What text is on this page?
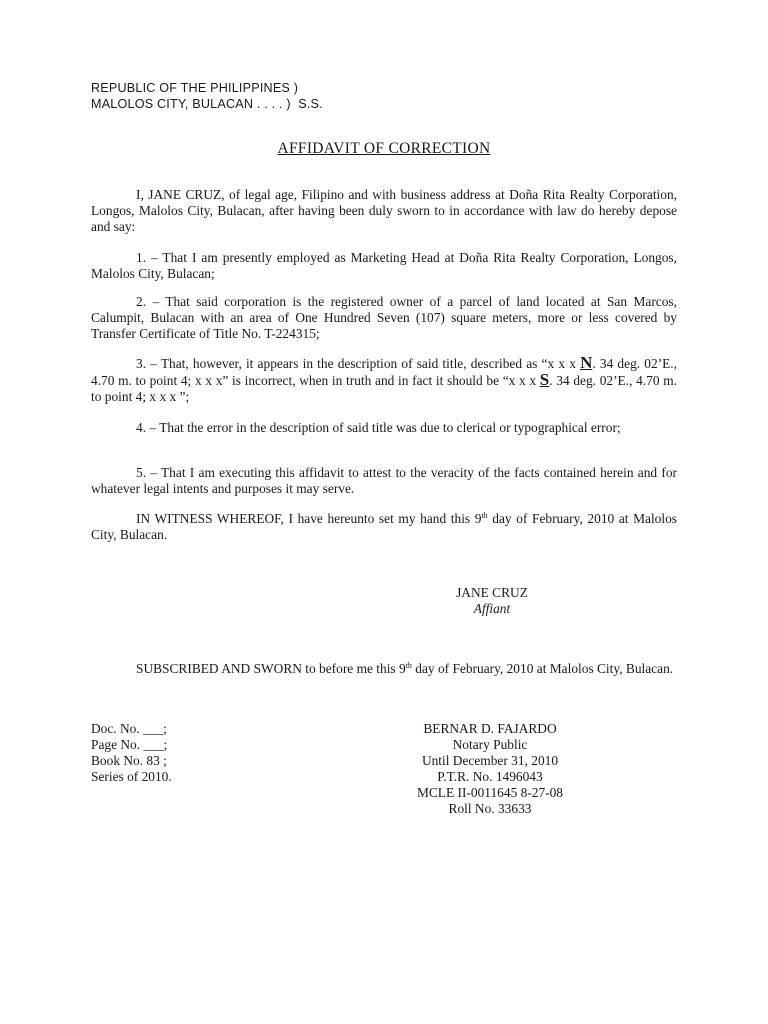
REPUBLIC OF THE PHILIPPINES )
MALOLOS CITY, BULACAN . . . . )  S.S.
AFFIDAVIT OF CORRECTION

I, JANE CRUZ, of legal age, Filipino and with business address at Doña Rita Realty Corporation, Longos, Malolos City, Bulacan, after having been duly sworn to in accordance with law do hereby depose and say:

1. – That I am presently employed as Marketing Head at Doña Rita Realty Corporation, Longos, Malolos City, Bulacan;

2. – That said corporation is the registered owner of a parcel of land located at San Marcos, Calumpit, Bulacan with an area of One Hundred Seven (107) square meters, more or less covered by Transfer Certificate of Title No. T-224315;

3. – That, however, it appears in the description of said title, described as “x x x N. 34 deg. 02’E., 4.70 m. to point 4; x x x” is incorrect, when in truth and in fact it should be “x x x S. 34 deg. 02’E., 4.70 m. to point 4; x x x ”;

4. – That the error in the description of said title was due to clerical or typographical error;

5. – That I am executing this affidavit to attest to the veracity of the facts contained herein and for whatever legal intents and purposes it may serve.

IN WITNESS WHEREOF, I have hereunto set my hand this 9th day of February, 2010 at Malolos City, Bulacan.

JANE CRUZ
Affiant

SUBSCRIBED AND SWORN to before me this 9th day of February, 2010 at Malolos City, Bulacan.

Doc. No. ___;
Page No. ___;
Book No. 83 ;
Series of 2010.
BERNAR D. FAJARDO
Notary Public
Until December 31, 2010
P.T.R. No. 1496043
MCLE II-0011645 8-27-08
Roll No. 33633
